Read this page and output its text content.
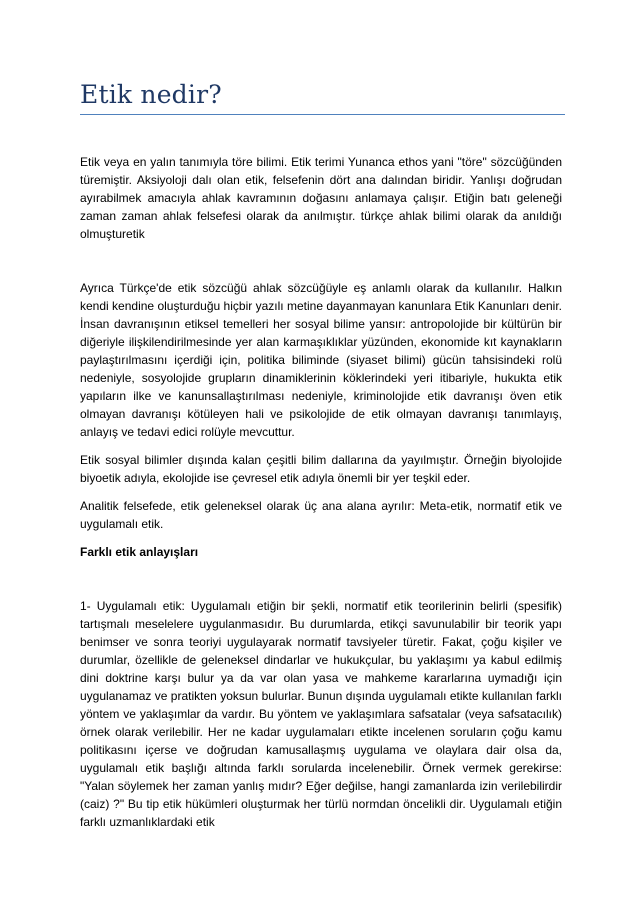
Etik nedir?

Etik veya en yalın tanımıyla töre bilimi. Etik terimi Yunanca ethos yani "töre" sözcüğünden türemiştir. Aksiyoloji dalı olan etik, felsefenin dört ana dalından biridir. Yanlışı doğrudan ayırabilmek amacıyla ahlak kavramının doğasını anlamaya çalışır. Etiğin batı geleneği zaman zaman ahlak felsefesi olarak da anılmıştır. türkçe ahlak bilimi olarak da anıldığı olmuşturetik

Ayrıca Türkçe'de etik sözcüğü ahlak sözcüğüyle eş anlamlı olarak da kullanılır. Halkın kendi kendine oluşturduğu hiçbir yazılı metine dayanmayan kanunlara Etik Kanunları denir. İnsan davranışının etiksel temelleri her sosyal bilime yansır: antropolojide bir kültürün bir diğeriyle ilişkilendirilmesinde yer alan karmaşıklıklar yüzünden, ekonomide kıt kaynakların paylaştırılmasını içerdiği için, politika biliminde (siyaset bilimi) gücün tahsisindeki rolü nedeniyle, sosyolojide grupların dinamiklerinin köklerindeki yeri itibariyle, hukukta etik yapıların ilke ve kanunsallaştırılması nedeniyle, kriminolojide etik davranışı öven etik olmayan davranışı kötüleyen hali ve psikolojide de etik olmayan davranışı tanımlayış, anlayış ve tedavi edici rolüyle mevcuttur.

Etik sosyal bilimler dışında kalan çeşitli bilim dallarına da yayılmıştır. Örneğin biyolojide biyoetik adıyla, ekolojide ise çevresel etik adıyla önemli bir yer teşkil eder.

Analitik felsefede, etik geleneksel olarak üç ana alana ayrılır: Meta-etik, normatif etik ve uygulamalı etik.

Farklı etik anlayışları

1- Uygulamalı etik: Uygulamalı etiğin bir şekli, normatif etik teorilerinin belirli (spesifik) tartışmalı meselelere uygulanmasıdır. Bu durumlarda, etikçi savunulabilir bir teorik yapı benimser ve sonra teoriyi uygulayarak normatif tavsiyeler türetir. Fakat, çoğu kişiler ve durumlar, özellikle de geleneksel dindarlar ve hukukçular, bu yaklaşımı ya kabul edilmiş dini doktrine karşı bulur ya da var olan yasa ve mahkeme kararlarına uymadığı için uygulanamaz ve pratikten yoksun bulurlar. Bunun dışında uygulamalı etikte kullanılan farklı yöntem ve yaklaşımlar da vardır. Bu yöntem ve yaklaşımlara safsatalar (veya safsatacılık) örnek olarak verilebilir. Her ne kadar uygulamaları etikte incelenen soruların çoğu kamu politikasını içerse ve doğrudan kamusallaşmış uygulama ve olaylara dair olsa da, uygulamalı etik başlığı altında farklı sorularda incelenebilir. Örnek vermek gerekirse: "Yalan söylemek her zaman yanlış mıdır? Eğer değilse, hangi zamanlarda izin verilebilirdir (caiz) ?" Bu tip etik hükümleri oluşturmak her türlü normdan öncelikli dir. Uygulamalı etiğin farklı uzmanlıklardaki etik
